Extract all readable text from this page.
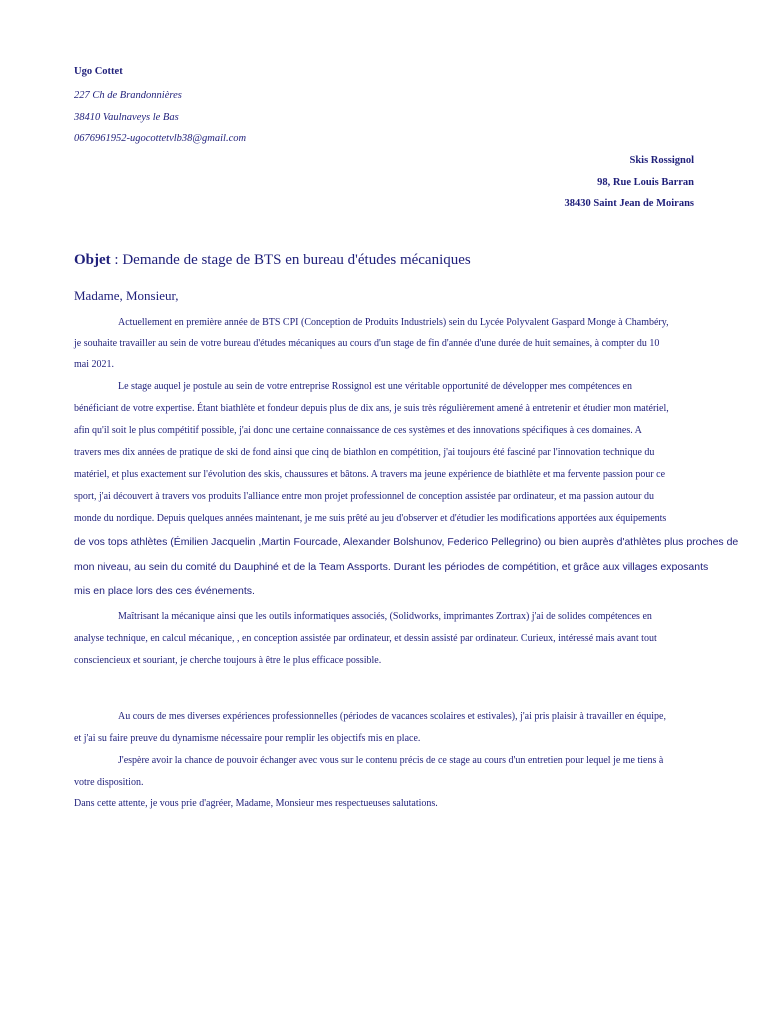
Ugo Cottet
227 Ch de Brandonnières
38410 Vaulnaveys le Bas
0676961952-ugocottetvlb38@gmail.com
Skis Rossignol
98, Rue Louis Barran
38430 Saint Jean de Moirans
Objet : Demande de stage de BTS en bureau d'études mécaniques
Madame, Monsieur,
Actuellement en première année de BTS CPI (Conception de Produits Industriels) sein du Lycée Polyvalent Gaspard Monge à Chambéry,
je souhaite travailler au sein de votre bureau d'études mécaniques au cours d'un stage de fin d'année d'une durée de huit semaines, à compter du 10
mai 2021.
Le stage auquel je postule au sein de votre entreprise Rossignol est une véritable opportunité de développer mes compétences en
bénéficiant de votre expertise. Étant biathlète et fondeur depuis plus de dix ans, je suis très régulièrement amené à entretenir et étudier mon matériel,
afin qu'il soit le plus compétitif possible, j'ai donc une certaine connaissance de ces systèmes et des innovations spécifiques à ces domaines. A
travers mes dix années de pratique de ski de fond ainsi que cinq de biathlon en compétition, j'ai toujours été fasciné par l'innovation technique du
matériel, et plus exactement sur l'évolution des skis, chaussures et bâtons. A travers ma jeune expérience de biathlète et ma fervente passion pour ce
sport, j'ai découvert à travers vos produits l'alliance entre mon projet professionnel de conception assistée par ordinateur, et ma passion autour du
monde du nordique. Depuis quelques années maintenant, je me suis prêté au jeu d'observer et d'étudier les modifications apportées aux équipements
de vos tops athlètes (Émilien Jacquelin ,Martin Fourcade, Alexander Bolshunov, Federico Pellegrino) ou bien auprès d'athlètes plus proches de
mon niveau, au sein du comité du Dauphiné et de la Team Assports. Durant les périodes de compétition, et grâce aux villages exposants
mis en place lors des ces événements.
Maîtrisant la mécanique ainsi que les outils informatiques associés, (Solidworks, imprimantes Zortrax) j'ai de solides compétences en
analyse technique, en calcul mécanique, , en conception assistée par ordinateur, et dessin assisté par ordinateur. Curieux, intéressé mais avant tout
consciencieux et souriant, je cherche toujours à être le plus efficace possible.
Au cours de mes diverses expériences professionnelles (périodes de vacances scolaires et estivales), j'ai pris plaisir à travailler en équipe,
et j'ai su faire preuve du dynamisme nécessaire pour remplir les objectifs mis en place.
J'espère avoir la chance de pouvoir échanger avec vous sur le contenu précis de ce stage au cours d'un entretien pour lequel je me tiens à
votre disposition.
Dans cette attente, je vous prie d'agréer, Madame, Monsieur mes respectueuses salutations.
